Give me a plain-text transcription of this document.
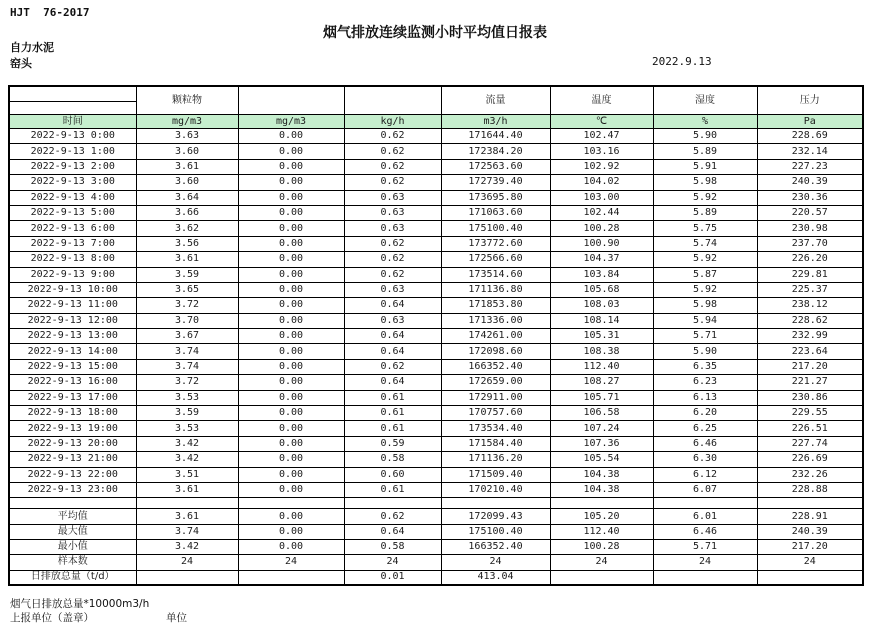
HJT  76-2017
烟气排放连续监测小时平均值日报表
自力水泥
窑头	2022.9.13
	颗粒物			流量	温度	湿度	压力
时间	mg/m3	mg/m3	kg/h	m3/h	℃	%	Pa
2022-9-13 0:00	3.63	0.00	0.62	171644.40	102.47	5.90	228.69
2022-9-13 1:00	3.60	0.00	0.62	172384.20	103.16	5.89	232.14
2022-9-13 2:00	3.61	0.00	0.62	172563.60	102.92	5.91	227.23
2022-9-13 3:00	3.60	0.00	0.62	172739.40	104.02	5.98	240.39
2022-9-13 4:00	3.64	0.00	0.63	173695.80	103.00	5.92	230.36
2022-9-13 5:00	3.66	0.00	0.63	171063.60	102.44	5.89	220.57
2022-9-13 6:00	3.62	0.00	0.63	175100.40	100.28	5.75	230.98
2022-9-13 7:00	3.56	0.00	0.62	173772.60	100.90	5.74	237.70
2022-9-13 8:00	3.61	0.00	0.62	172566.60	104.37	5.92	226.20
2022-9-13 9:00	3.59	0.00	0.62	173514.60	103.84	5.87	229.81
2022-9-13 10:00	3.65	0.00	0.63	171136.80	105.68	5.92	225.37
2022-9-13 11:00	3.72	0.00	0.64	171853.80	108.03	5.98	238.12
2022-9-13 12:00	3.70	0.00	0.63	171336.00	108.14	5.94	228.62
2022-9-13 13:00	3.67	0.00	0.64	174261.00	105.31	5.71	232.99
2022-9-13 14:00	3.74	0.00	0.64	172098.60	108.38	5.90	223.64
2022-9-13 15:00	3.74	0.00	0.62	166352.40	112.40	6.35	217.20
2022-9-13 16:00	3.72	0.00	0.64	172659.00	108.27	6.23	221.27
2022-9-13 17:00	3.53	0.00	0.61	172911.00	105.71	6.13	230.86
2022-9-13 18:00	3.59	0.00	0.61	170757.60	106.58	6.20	229.55
2022-9-13 19:00	3.53	0.00	0.61	173534.40	107.24	6.25	226.51
2022-9-13 20:00	3.42	0.00	0.59	171584.40	107.36	6.46	227.74
2022-9-13 21:00	3.42	0.00	0.58	171136.20	105.54	6.30	226.69
2022-9-13 22:00	3.51	0.00	0.60	171509.40	104.38	6.12	232.26
2022-9-13 23:00	3.61	0.00	0.61	170210.40	104.38	6.07	228.88

平均值	3.61	0.00	0.62	172099.43	105.20	6.01	228.91
最大值	3.74	0.00	0.64	175100.40	112.40	6.46	240.39
最小值	3.42	0.00	0.58	166352.40	100.28	5.71	217.20
样本数	24	24	24	24	24	24	24
日排放总量（t/d）			0.01	413.04			
烟气日排放总量*10000m3/h
上报单位（盖章）	单位
